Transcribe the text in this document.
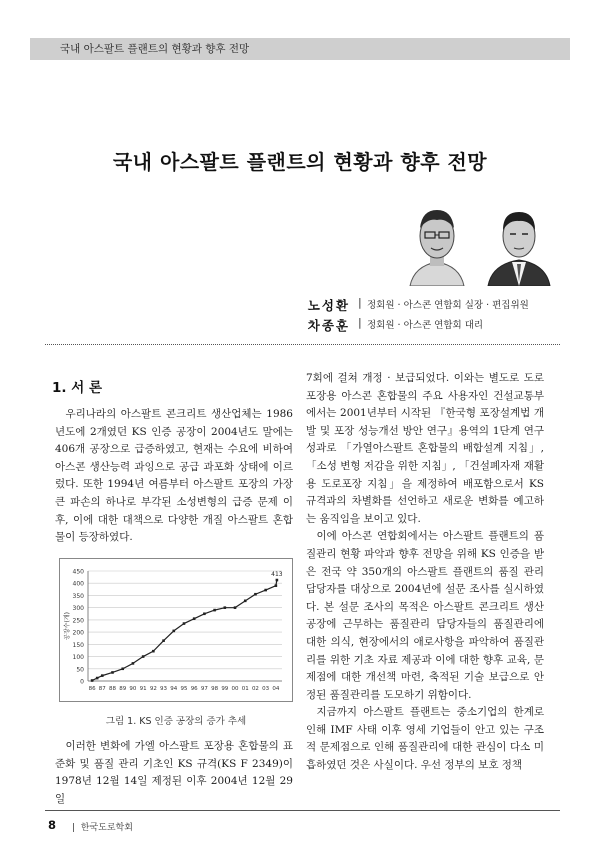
국내 아스팔트 플랜트의 현황과 향후 전망
국내 아스팔트 플랜트의 현황과 향후 전망
노성환 | 정회원 · 아스콘 연합회 실장 · 편집위원
차종훈 | 정회원 · 아스콘 연합회 대리
1. 서 론

우리나라의 아스팔트 콘크리트 생산업체는 1986년도에 2개였던 KS 인증 공장이 2004년도 말에는 406개 공장으로 급증하였고, 현재는 수요에 비하여 아스콘 생산능력 과잉으로 공급 과포화 상태에 이르렀다. 또한 1994년 여름부터 아스팔트 포장의 가장 큰 파손의 하나로 부각된 소성변형의 급증 문제 이후, 이에 대한 대책으로 다양한 개질 아스팔트 혼합물이 등장하였다.

0
50
100
150
200
250
300
350
400
450
86 87 88 89 90 91 92 93 94 95 96 97 98 99 00 01 02 03 04
공장수(개)
413
그림 1. KS 인증 공장의 증가 추세

이러한 변화에 가엘 아스팔트 포장용 혼합물의 표준화 및 품질 관리 기초인 KS 규격(KS F 2349)이 1978년 12월 14일 제정된 이후 2004년 12월 29일

7회에 걸쳐 개정 · 보급되었다. 이와는 별도로 도로 포장용 아스콘 혼합물의 주요 사용자인 건설교통부에서는 2001년부터 시작된 『한국형 포장설계법 개발 및 포장 성능개선 방안 연구』용역의 1단계 연구성과로 「가열아스팔트 혼합물의 배합설계 지침」, 「소성 변형 저감을 위한 지침」, 「건설폐자재 재활용 도로포장 지침」을 제정하여 배포함으로서 KS 규격과의 차별화를 선언하고 새로운 변화를 예고하는 움직임을 보이고 있다.

이에 아스콘 연합회에서는 아스팔트 플랜트의 품질관리 현황 파악과 향후 전망을 위해 KS 인증을 받은 전국 약 350개의 아스팔트 플랜트의 품질 관리 담당자를 대상으로 2004년에 설문 조사를 실시하였다. 본 설문 조사의 목적은 아스팔트 콘크리트 생산 공장에 근무하는 품질관리 담당자들의 품질관리에 대한 의식, 현장에서의 애로사항을 파악하여 품질관리를 위한 기초 자료 제공과 이에 대한 향후 교육, 문제점에 대한 개선책 마련, 축적된 기술 보급으로 안정된 품질관리를 도모하기 위함이다.

지금까지 아스팔트 플랜트는 중소기업의 한계로 인해 IMF 사태 이후 영세 기업들이 안고 있는 구조적 문제점으로 인해 품질관리에 대한 관심이 다소 미흡하였던 것은 사실이다. 우선 정부의 보호 정책

8 |  한국도로학회
